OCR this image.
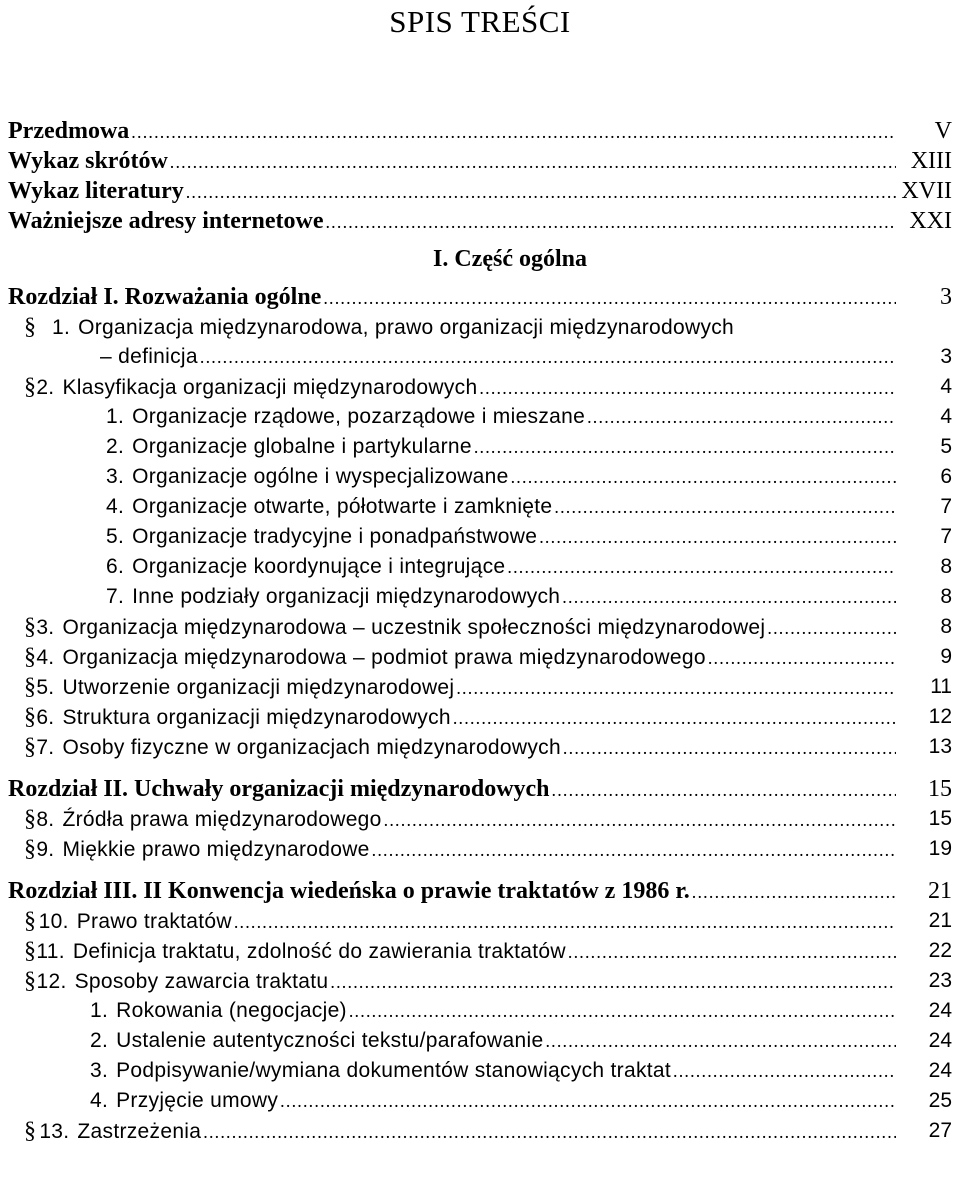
SPIS TREŚCI
Przedmowa .....	V
Wykaz skrótów .....	XIII
Wykaz literatury .....	XVII
Ważniejsze adresy internetowe .....	XXI
I. Część ogólna
Rozdział I. Rozważania ogólne .....	3
§ 1. Organizacja międzynarodowa, prawo organizacji międzynarodowych
– definicja .....	3
§ 2. Klasyfikacja organizacji międzynarodowych .....	4
1. Organizacje rządowe, pozarządowe i mieszane .....	4
2. Organizacje globalne i partykularne .....	5
3. Organizacje ogólne i wyspecjalizowane .....	6
4. Organizacje otwarte, półotwarte i zamknięte .....	7
5. Organizacje tradycyjne i ponadpaństwowe .....	7
6. Organizacje koordynujące i integrujące .....	8
7. Inne podziały organizacji międzynarodowych .....	8
§ 3. Organizacja międzynarodowa – uczestnik społeczności międzynarodowej .....	8
§ 4. Organizacja międzynarodowa – podmiot prawa międzynarodowego .....	9
§ 5. Utworzenie organizacji międzynarodowej .....	11
§ 6. Struktura organizacji międzynarodowych .....	12
§ 7. Osoby fizyczne w organizacjach międzynarodowych .....	13
Rozdział II. Uchwały organizacji międzynarodowych .....	15
§ 8. Źródła prawa międzynarodowego .....	15
§ 9. Miękkie prawo międzynarodowe .....	19
Rozdział III. II Konwencja wiedeńska o prawie traktatów z 1986 r. .....	21
§ 10. Prawo traktatów .....	21
§ 11. Definicja traktatu, zdolność do zawierania traktatów .....	22
§ 12. Sposoby zawarcia traktatu .....	23
1. Rokowania (negocjacje) .....	24
2. Ustalenie autentyczności tekstu/parafowanie .....	24
3. Podpisywanie/wymiana dokumentów stanowiących traktat .....	24
4. Przyjęcie umowy .....	25
§ 13. Zastrzeżenia .....	27
